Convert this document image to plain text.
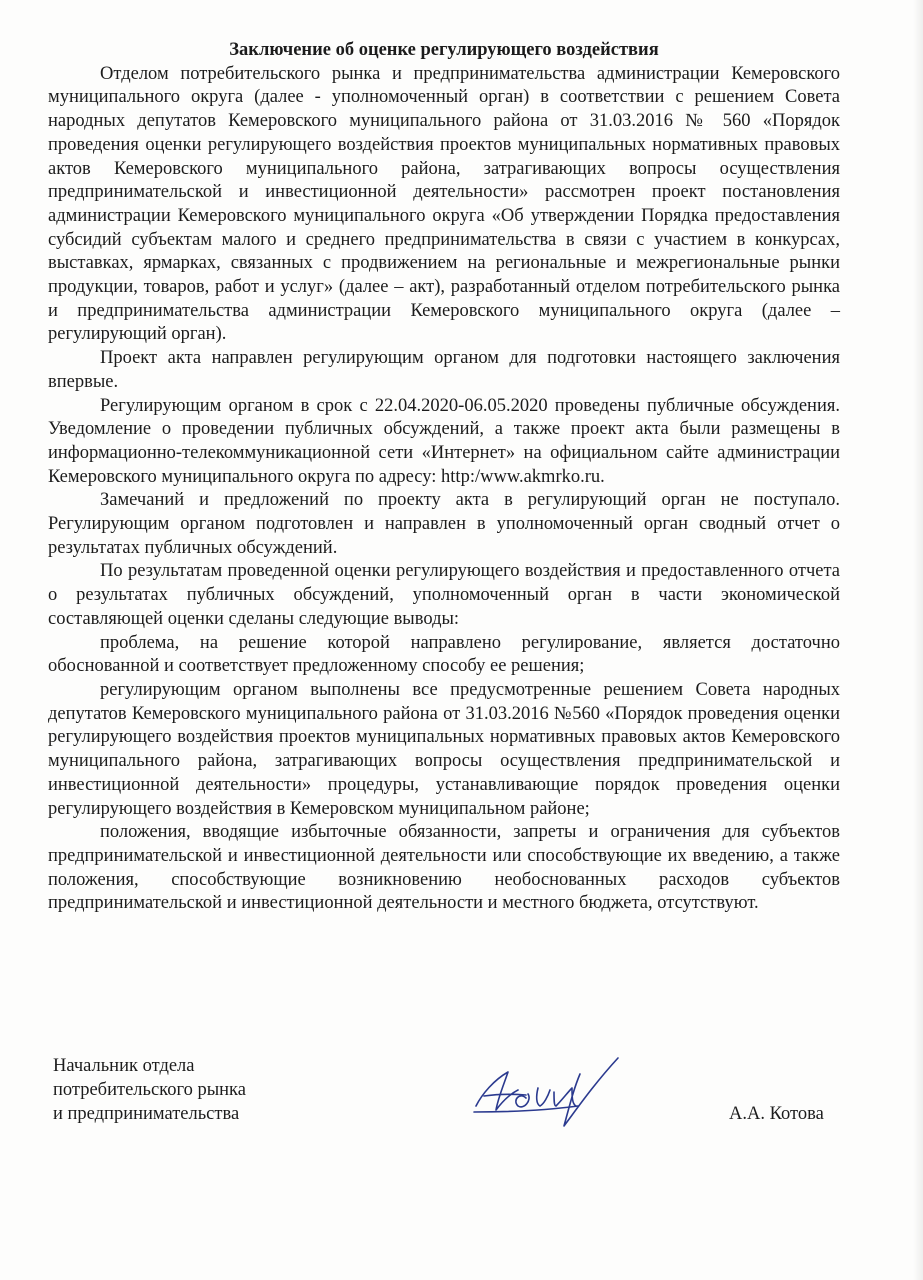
Заключение об оценке регулирующего воздействия

Отделом потребительского рынка и предпринимательства администрации Кемеровского муниципального округа (далее - уполномоченный орган) в соответствии с решением Совета народных депутатов Кемеровского муниципального района от 31.03.2016 № 560 «Порядок проведения оценки регулирующего воздействия проектов муниципальных нормативных правовых актов Кемеровского муниципального района, затрагивающих вопросы осуществления предпринимательской и инвестиционной деятельности» рассмотрен проект постановления администрации Кемеровского муниципального округа «Об утверждении Порядка предоставления субсидий субъектам малого и среднего предпринимательства в связи с участием в конкурсах, выставках, ярмарках, связанных с продвижением на региональные и межрегиональные рынки продукции, товаров, работ и услуг» (далее – акт), разработанный отделом потребительского рынка и предпринимательства администрации Кемеровского муниципального округа (далее – регулирующий орган).

Проект акта направлен регулирующим органом для подготовки настоящего заключения впервые.

Регулирующим органом в срок с 22.04.2020-06.05.2020 проведены публичные обсуждения. Уведомление о проведении публичных обсуждений, а также проект акта были размещены в информационно-телекоммуникационной сети «Интернет» на официальном сайте администрации Кемеровского муниципального округа по адресу: http:/www.akmrko.ru.

Замечаний и предложений по проекту акта в регулирующий орган не поступало. Регулирующим органом подготовлен и направлен в уполномоченный орган сводный отчет о результатах публичных обсуждений.

По результатам проведенной оценки регулирующего воздействия и предоставленного отчета о результатах публичных обсуждений, уполномоченный орган в части экономической составляющей оценки сделаны следующие выводы:

проблема, на решение которой направлено регулирование, является достаточно обоснованной и соответствует предложенному способу ее решения;

регулирующим органом выполнены все предусмотренные решением Совета народных депутатов Кемеровского муниципального района от 31.03.2016 №560 «Порядок проведения оценки регулирующего воздействия проектов муниципальных нормативных правовых актов Кемеровского муниципального района, затрагивающих вопросы осуществления предпринимательской и инвестиционной деятельности» процедуры, устанавливающие порядок проведения оценки регулирующего воздействия в Кемеровском муниципальном районе;

положения, вводящие избыточные обязанности, запреты и ограничения для субъектов предпринимательской и инвестиционной деятельности или способствующие их введению, а также положения, способствующие возникновению необоснованных расходов субъектов предпринимательской и инвестиционной деятельности и местного бюджета, отсутствуют.

Начальник отдела
потребительского рынка
и предпринимательства	А.А. Котова
